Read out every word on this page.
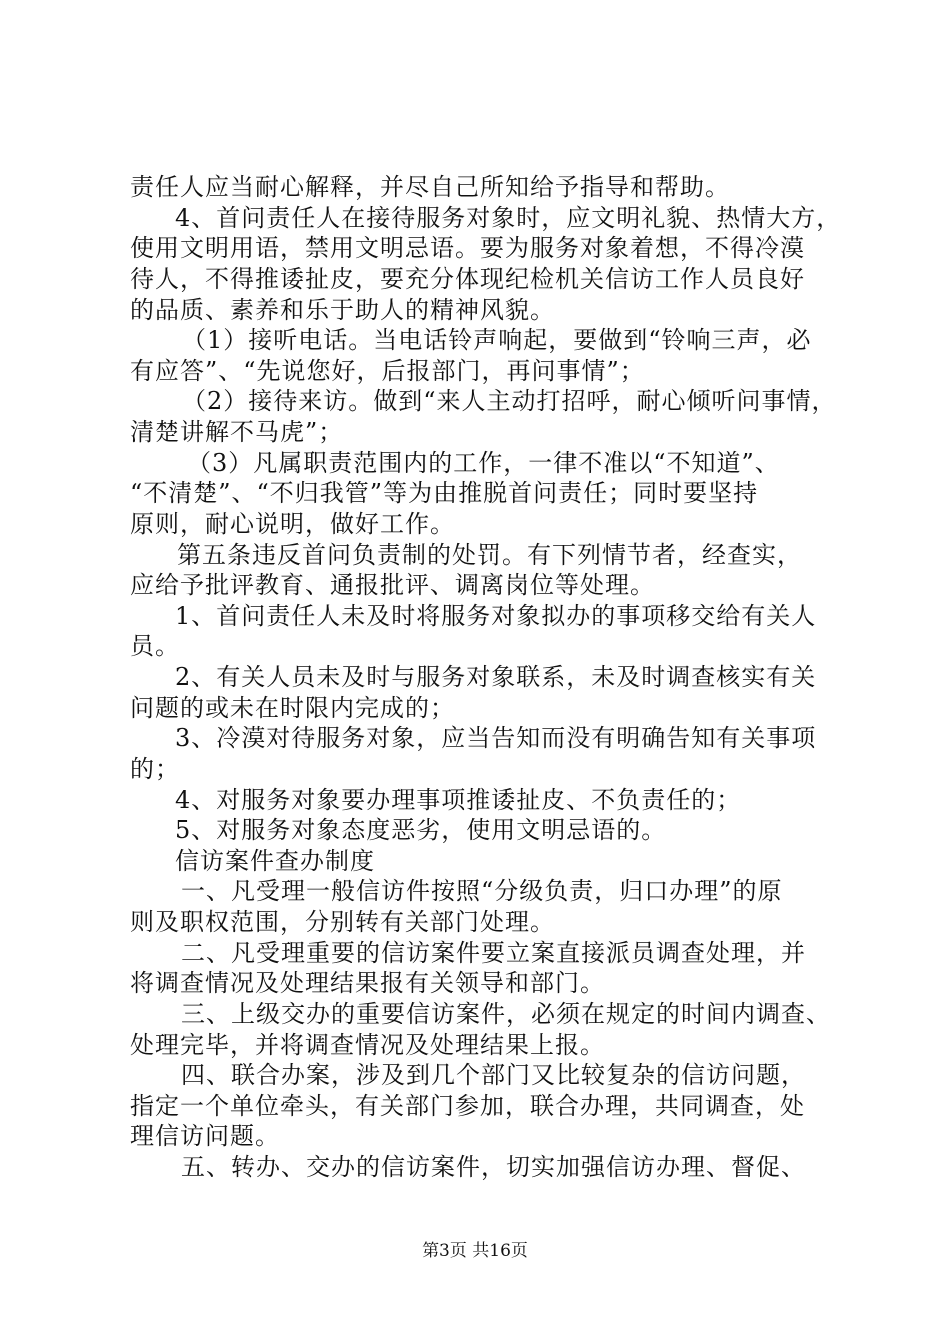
责任人应当耐心解释，并尽自己所知给予指导和帮助。
4、首问责任人在接待服务对象时，应文明礼貌、热情大方，
使用文明用语，禁用文明忌语。要为服务对象着想，不得冷漠
待人，不得推诿扯皮，要充分体现纪检机关信访工作人员良好
的品质、素养和乐于助人的精神风貌。
（1）接听电话。当电话铃声响起，要做到“铃响三声，必
有应答”、“先说您好，后报部门，再问事情”；
（2）接待来访。做到“来人主动打招呼，耐心倾听问事情，
清楚讲解不马虎”；
（3）凡属职责范围内的工作，一律不准以“不知道”、
“不清楚”、“不归我管”等为由推脱首问责任；同时要坚持
原则，耐心说明，做好工作。
第五条违反首问负责制的处罚。有下列情节者，经查实，
应给予批评教育、通报批评、调离岗位等处理。
1、首问责任人未及时将服务对象拟办的事项移交给有关人
员。
2、有关人员未及时与服务对象联系，未及时调查核实有关
问题的或未在时限内完成的；
3、冷漠对待服务对象，应当告知而没有明确告知有关事项
的；
4、对服务对象要办理事项推诿扯皮、不负责任的；
5、对服务对象态度恶劣，使用文明忌语的。
信访案件查办制度
一、凡受理一般信访件按照“分级负责，归口办理”的原
则及职权范围，分别转有关部门处理。
二、凡受理重要的信访案件要立案直接派员调查处理，并
将调查情况及处理结果报有关领导和部门。
三、上级交办的重要信访案件，必须在规定的时间内调查、
处理完毕，并将调查情况及处理结果上报。
四、联合办案，涉及到几个部门又比较复杂的信访问题，
指定一个单位牵头，有关部门参加，联合办理，共同调查，处
理信访问题。
五、转办、交办的信访案件，切实加强信访办理、督促、
第3页 共16页
